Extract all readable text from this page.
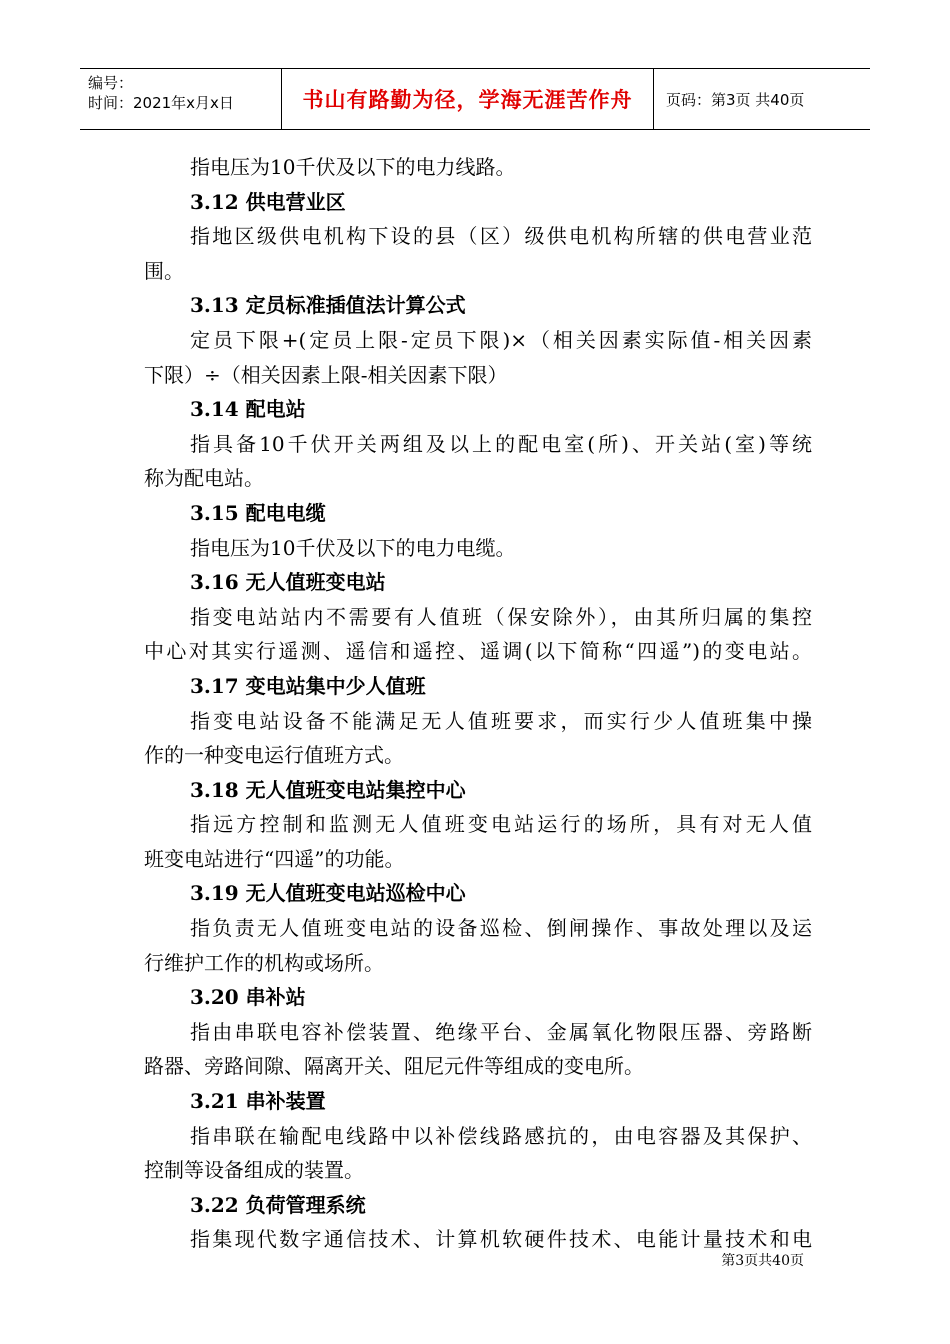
编号：
时间：2021年x月x日	书山有路勤为径，学海无涯苦作舟	页码：第3页 共40页
指电压为10千伏及以下的电力线路。
3.12 供电营业区
指地区级供电机构下设的县（区）级供电机构所辖的供电营业范
围。
3.13 定员标准插值法计算公式
定员下限+(定员上限-定员下限)×（相关因素实际值-相关因素
下限）÷（相关因素上限-相关因素下限）
3.14 配电站
指具备10千伏开关两组及以上的配电室(所)、开关站(室)等统
称为配电站。
3.15 配电电缆
指电压为10千伏及以下的电力电缆。
3.16 无人值班变电站
指变电站站内不需要有人值班（保安除外），由其所归属的集控
中心对其实行遥测、遥信和遥控、遥调(以下简称“四遥”)的变电站。
3.17 变电站集中少人值班
指变电站设备不能满足无人值班要求，而实行少人值班集中操
作的一种变电运行值班方式。
3.18 无人值班变电站集控中心
指远方控制和监测无人值班变电站运行的场所，具有对无人值
班变电站进行“四遥”的功能。
3.19 无人值班变电站巡检中心
指负责无人值班变电站的设备巡检、倒闸操作、事故处理以及运
行维护工作的机构或场所。
3.20 串补站
指由串联电容补偿装置、绝缘平台、金属氧化物限压器、旁路断
路器、旁路间隙、隔离开关、阻尼元件等组成的变电所。
3.21 串补装置
指串联在输配电线路中以补偿线路感抗的，由电容器及其保护、
控制等设备组成的装置。
3.22 负荷管理系统
指集现代数字通信技术、计算机软硬件技术、电能计量技术和电
第3页共40页
